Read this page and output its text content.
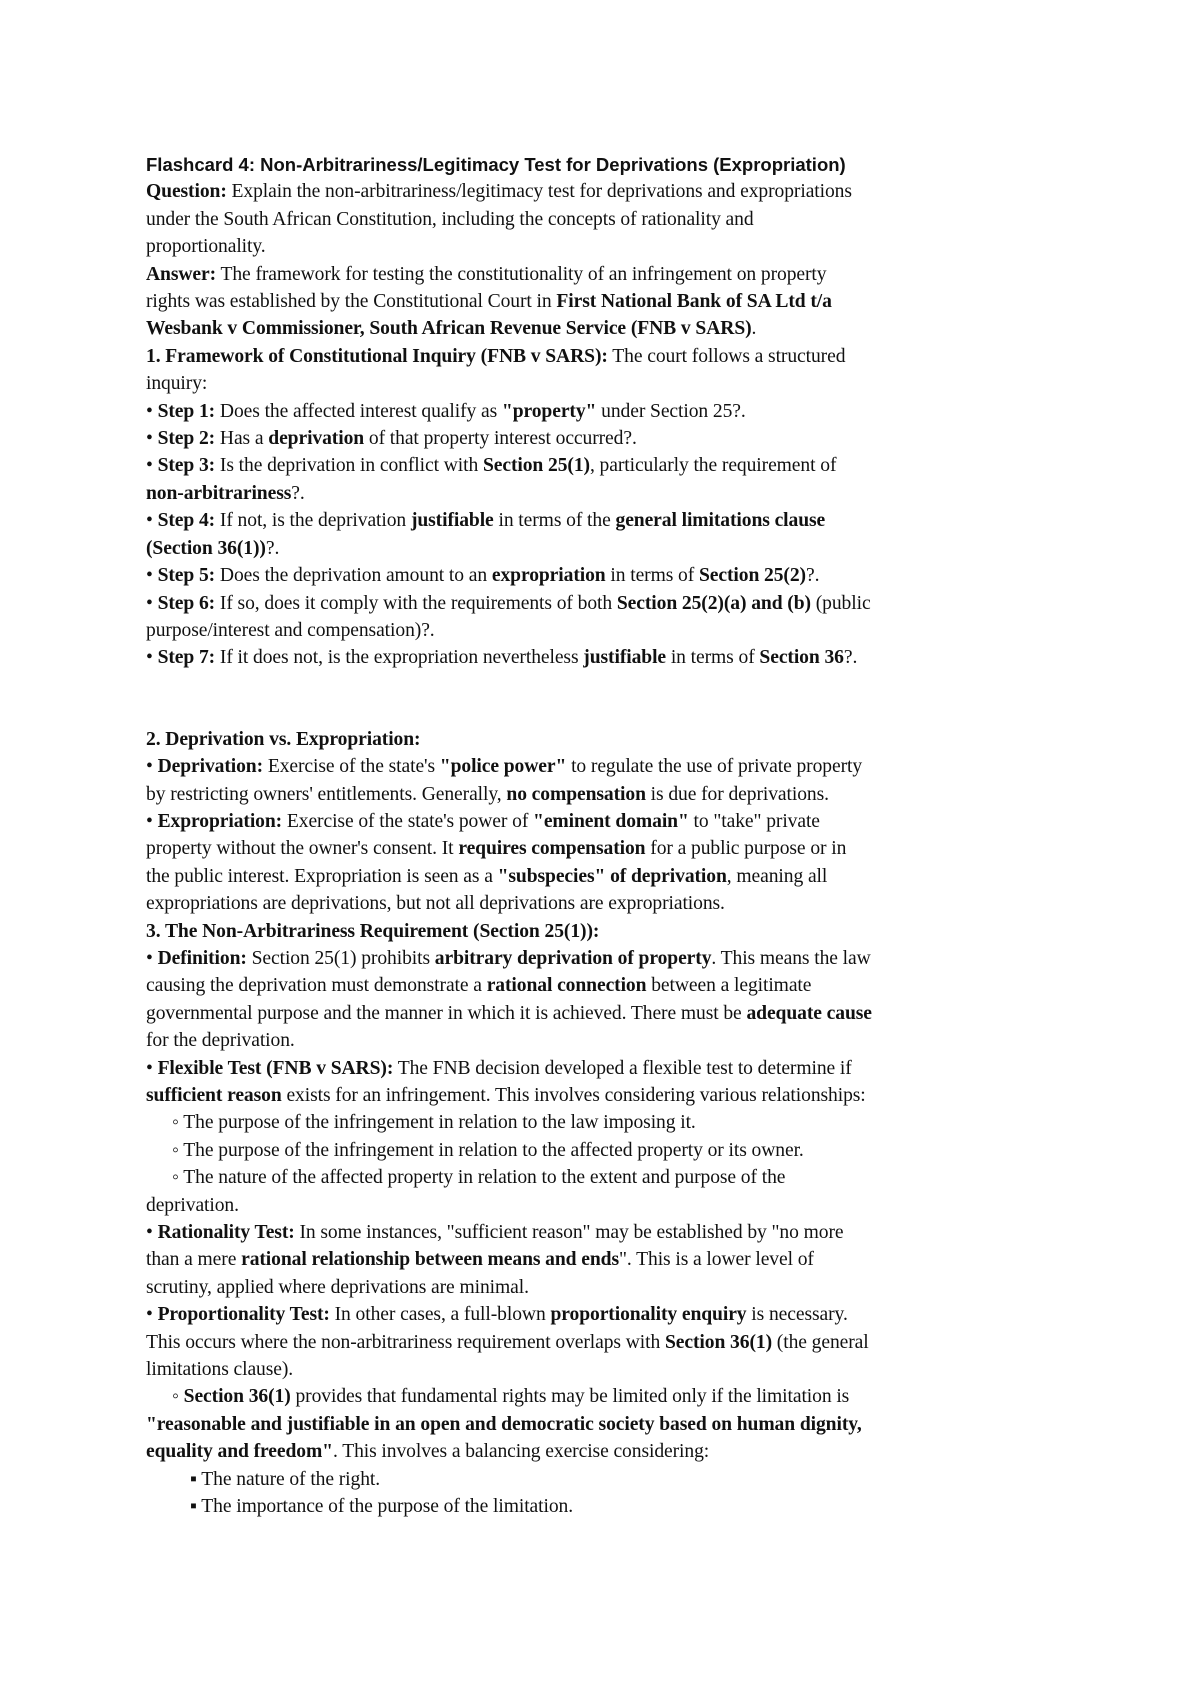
Flashcard 4: Non-Arbitrariness/Legitimacy Test for Deprivations (Expropriation)
Question: Explain the non-arbitrariness/legitimacy test for deprivations and expropriations
under the South African Constitution, including the concepts of rationality and
proportionality.
Answer: The framework for testing the constitutionality of an infringement on property
rights was established by the Constitutional Court in First National Bank of SA Ltd t/a
Wesbank v Commissioner, South African Revenue Service (FNB v SARS).
1. Framework of Constitutional Inquiry (FNB v SARS): The court follows a structured
inquiry:
• Step 1: Does the affected interest qualify as "property" under Section 25?.
• Step 2: Has a deprivation of that property interest occurred?.
• Step 3: Is the deprivation in conflict with Section 25(1), particularly the requirement of
non-arbitrariness?.
• Step 4: If not, is the deprivation justifiable in terms of the general limitations clause
(Section 36(1))?.
• Step 5: Does the deprivation amount to an expropriation in terms of Section 25(2)?.
• Step 6: If so, does it comply with the requirements of both Section 25(2)(a) and (b) (public
purpose/interest and compensation)?.
• Step 7: If it does not, is the expropriation nevertheless justifiable in terms of Section 36?.
2. Deprivation vs. Expropriation:
• Deprivation: Exercise of the state's "police power" to regulate the use of private property
by restricting owners' entitlements. Generally, no compensation is due for deprivations.
• Expropriation: Exercise of the state's power of "eminent domain" to "take" private
property without the owner's consent. It requires compensation for a public purpose or in
the public interest. Expropriation is seen as a "subspecies" of deprivation, meaning all
expropriations are deprivations, but not all deprivations are expropriations.
3. The Non-Arbitrariness Requirement (Section 25(1)):
• Definition: Section 25(1) prohibits arbitrary deprivation of property. This means the law
causing the deprivation must demonstrate a rational connection between a legitimate
governmental purpose and the manner in which it is achieved. There must be adequate cause
for the deprivation.
• Flexible Test (FNB v SARS): The FNB decision developed a flexible test to determine if
sufficient reason exists for an infringement. This involves considering various relationships:
◦ The purpose of the infringement in relation to the law imposing it.
◦ The purpose of the infringement in relation to the affected property or its owner.
◦ The nature of the affected property in relation to the extent and purpose of the
deprivation.
• Rationality Test: In some instances, "sufficient reason" may be established by "no more
than a mere rational relationship between means and ends". This is a lower level of
scrutiny, applied where deprivations are minimal.
• Proportionality Test: In other cases, a full-blown proportionality enquiry is necessary.
This occurs where the non-arbitrariness requirement overlaps with Section 36(1) (the general
limitations clause).
◦ Section 36(1) provides that fundamental rights may be limited only if the limitation is
"reasonable and justifiable in an open and democratic society based on human dignity,
equality and freedom". This involves a balancing exercise considering:
▪ The nature of the right.
▪ The importance of the purpose of the limitation.
